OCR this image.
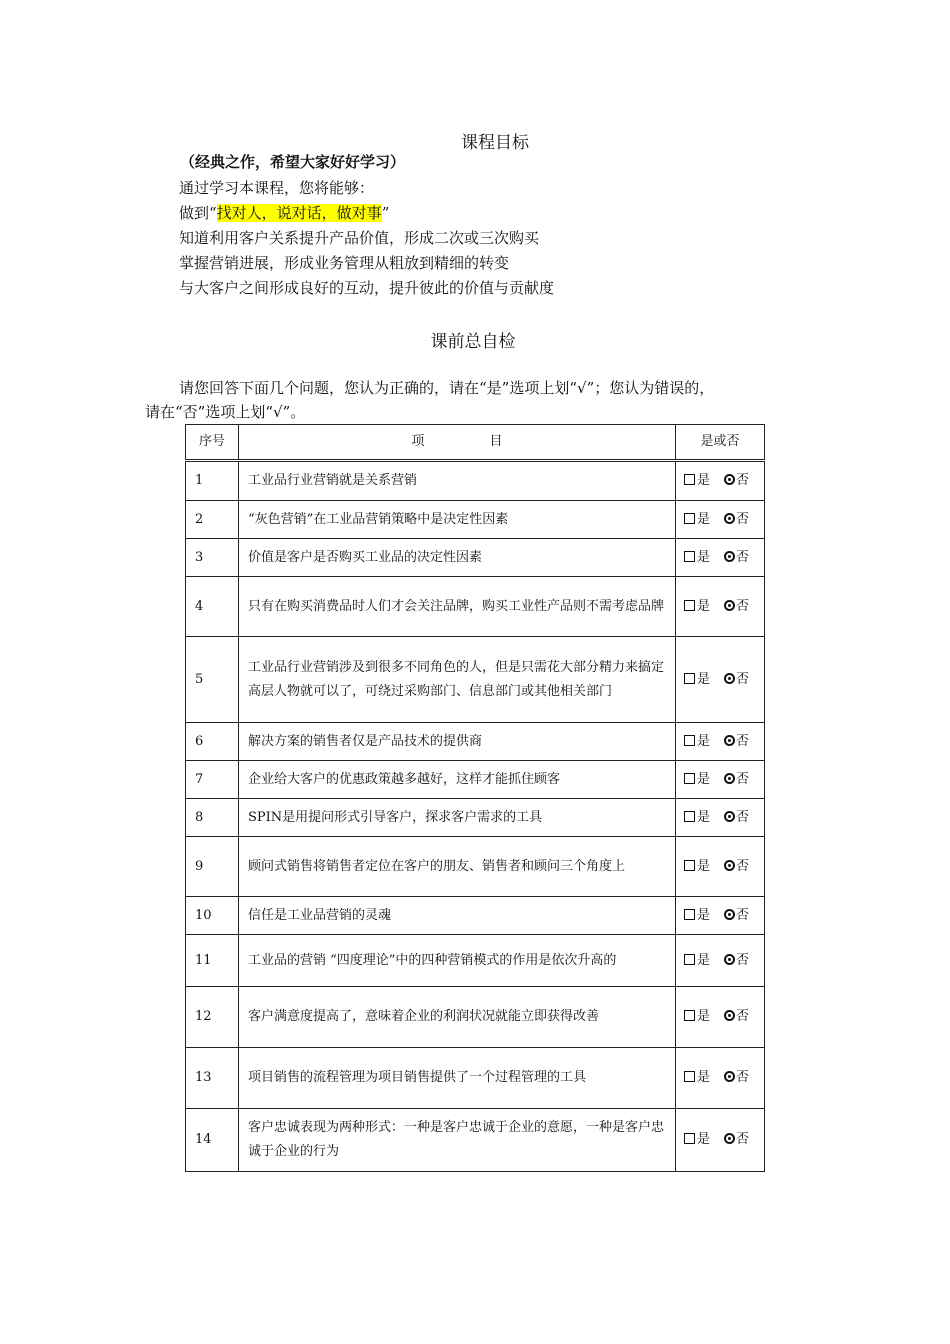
课程目标
（经典之作，希望大家好好学习）
通过学习本课程，您将能够：
做到“找对人，说对话，做对事”
知道利用客户关系提升产品价值，形成二次或三次购买
掌握营销进展，形成业务管理从粗放到精细的转变
与大客户之间形成良好的互动，提升彼此的价值与贡献度
课前总自检
请您回答下面几个问题，您认为正确的，请在“是”选项上划“√”；您认为错误的，
请在“否”选项上划“√”。
序号	项　　　　　目	是或否
1	工业品行业营销就是关系营销	是 否
2	“灰色营销”在工业品营销策略中是决定性因素	是 否
3	价值是客户是否购买工业品的决定性因素	是 否
4	只有在购买消费品时人们才会关注品牌，购买工业性产品则不需考虑品牌	是 否
5	工业品行业营销涉及到很多不同角色的人，但是只需花大部分精力来搞定高层人物就可以了，可绕过采购部门、信息部门或其他相关部门	是 否
6	解决方案的销售者仅是产品技术的提供商	是 否
7	企业给大客户的优惠政策越多越好，这样才能抓住顾客	是 否
8	SPIN是用提问形式引导客户，探求客户需求的工具	是 否
9	顾问式销售将销售者定位在客户的朋友、销售者和顾问三个角度上	是 否
10	信任是工业品营销的灵魂	是 否
11	工业品的营销 “四度理论”中的四种营销模式的作用是依次升高的	是 否
12	客户满意度提高了，意味着企业的利润状况就能立即获得改善	是 否
13	项目销售的流程管理为项目销售提供了一个过程管理的工具	是 否
14	客户忠诚表现为两种形式：一种是客户忠诚于企业的意愿，一种是客户忠诚于企业的行为	是 否
